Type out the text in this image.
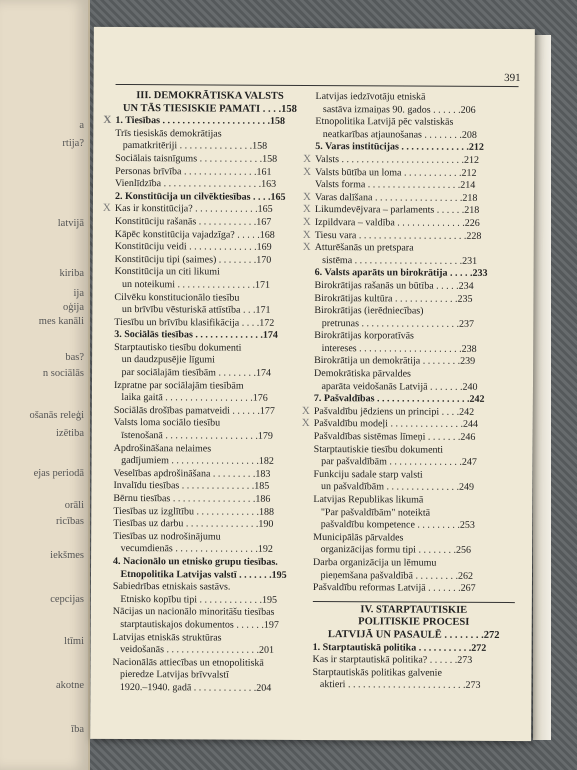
a
rtija?
latvijā
kiriba
ija
oģija
mes kanāli
bas?
n sociālās
ošanās releģi
izētiba
ejas periodā
orāli
ricības
iekšmes
cepcijas
ltīmi
akotne
ība
391
III. DEMOKRĀTISKA VALSTS
UN TĀS TIESISKIE PAMATI . . . .158
X 1. Tiesības . . . . . . . . . . . . . . . . . . . . . .158
Trīs tiesiskās demokrātijas
pamatkritēriji . . . . . . . . . . . . . . .158
Sociālais taisnīgums . . . . . . . . . . . . .158
Personas brīvība . . . . . . . . . . . . . . .161
Vienlīdzība . . . . . . . . . . . . . . . . . . . .163
2. Konstitūcija un cilvēktiesības . . . .165
X Kas ir konstitūcija? . . . . . . . . . . . . .165
Konstitūciju rašanās . . . . . . . . . . . .167
Kāpēc konstitūcija vajadzīga? . . . . .168
Konstitūciju veidi . . . . . . . . . . . . . .169
Konstitūciju tipi (saimes) . . . . . . . .170
Konstitūcija un citi likumi
un noteikumi . . . . . . . . . . . . . . . .171
Cilvēku konstitucionālo tiesību
un brīvību vēsturiskā attīstība . . .171
Tiesību un brīvību klasifikācija . . . .172
3. Sociālās tiesības . . . . . . . . . . . . . .174
Starptautisko tiesību dokumenti
un daudzpusējie līgumi
par sociālajām tiesībām . . . . . . . .174
Izpratne par sociālajām tiesībām
laika gaitā . . . . . . . . . . . . . . . . . .176
Sociālās drošības pamatveidi . . . . . .177
Valsts loma sociālo tiesību
īstenošanā . . . . . . . . . . . . . . . . . . .179
Apdrošināšana nelaimes
gadījumiem . . . . . . . . . . . . . . . . . .182
Veselības apdrošināšana . . . . . . . . .183
Invalīdu tiesības . . . . . . . . . . . . . . .185
Bērnu tiesības . . . . . . . . . . . . . . . . .186
Tiesības uz izglītību . . . . . . . . . . . . .188
Tiesības uz darbu . . . . . . . . . . . . . . .190
Tiesības uz nodrošinājumu
vecumdienās . . . . . . . . . . . . . . . . .192
4. Nacionālo un etnisko grupu tiesības.
Etnopolitika Latvijas valstī . . . . . . .195
Sabiedrības etniskais sastāvs.
Etnisko kopību tipi . . . . . . . . . . . . .195
Nācijas un nacionālo minoritāšu tiesības
starptautiskajos dokumentos . . . . . .197
Latvijas etniskās struktūras
veidošanās . . . . . . . . . . . . . . . . . . .201
Nacionālās attiecības un etnopolitiskā
pieredze Latvijas brīvvalstī
1920.–1940. gadā . . . . . . . . . . . . .204
Latvijas iedzīvotāju etniskā
sastāva izmaiņas 90. gados . . . . . .206
Etnopolitika Latvijā pēc valstiskās
neatkarības atjaunošanas . . . . . . . .208
5. Varas institūcijas . . . . . . . . . . . . . .212
X Valsts . . . . . . . . . . . . . . . . . . . . . . . . .212
X Valsts būtība un loma . . . . . . . . . . . .212
Valsts forma . . . . . . . . . . . . . . . . . . .214
X Varas dalīšana . . . . . . . . . . . . . . . . . .218
X Likumdevējvara – parlaments . . . . . .218
X Izpildvara – valdība . . . . . . . . . . . . . .226
X Tiesu vara . . . . . . . . . . . . . . . . . . . . . .228
X Atturēšanās un pretspara
sistēma . . . . . . . . . . . . . . . . . . . . . .231
6. Valsts aparāts un birokrātija . . . . .233
Birokrātijas rašanās un būtība . . . . .234
Birokrātijas kultūra . . . . . . . . . . . . .235
Birokrātijas (ierēdniecības)
pretrunas . . . . . . . . . . . . . . . . . . . .237
Birokrātijas korporatīvās
intereses . . . . . . . . . . . . . . . . . . . . .238
Birokrātija un demokrātija . . . . . . . .239
Demokrātiska pārvaldes
aparāta veidošanās Latvijā . . . . . . .240
7. Pašvaldības . . . . . . . . . . . . . . . . . . .242
X Pašvaldību jēdziens un principi . . . .242
X Pašvaldību modeļi . . . . . . . . . . . . . . .244
Pašvaldības sistēmas līmeņi . . . . . . .246
Starptautiskie tiesību dokumenti
par pašvaldībām . . . . . . . . . . . . . . .247
Funkciju sadale starp valsti
un pašvaldībām . . . . . . . . . . . . . . .249
Latvijas Republikas likumā
"Par pašvaldībām" noteiktā
pašvaldību kompetence . . . . . . . . .253
Municipālās pārvaldes
organizācijas formu tipi . . . . . . . .256
Darba organizācija un lēmumu
pieņemšana pašvaldībā . . . . . . . . .262
Pašvaldību reformas Latvijā . . . . . . .267
IV. STARPTAUTISKIE
POLITISKIE PROCESI
LATVIJĀ UN PASAULĒ . . . . . . . .272
1. Starptautiskā politika . . . . . . . . . . .272
Kas ir starptautiskā politika? . . . . . .273
Starptautiskās politikas galvenie
aktieri . . . . . . . . . . . . . . . . . . . . . . . .273
